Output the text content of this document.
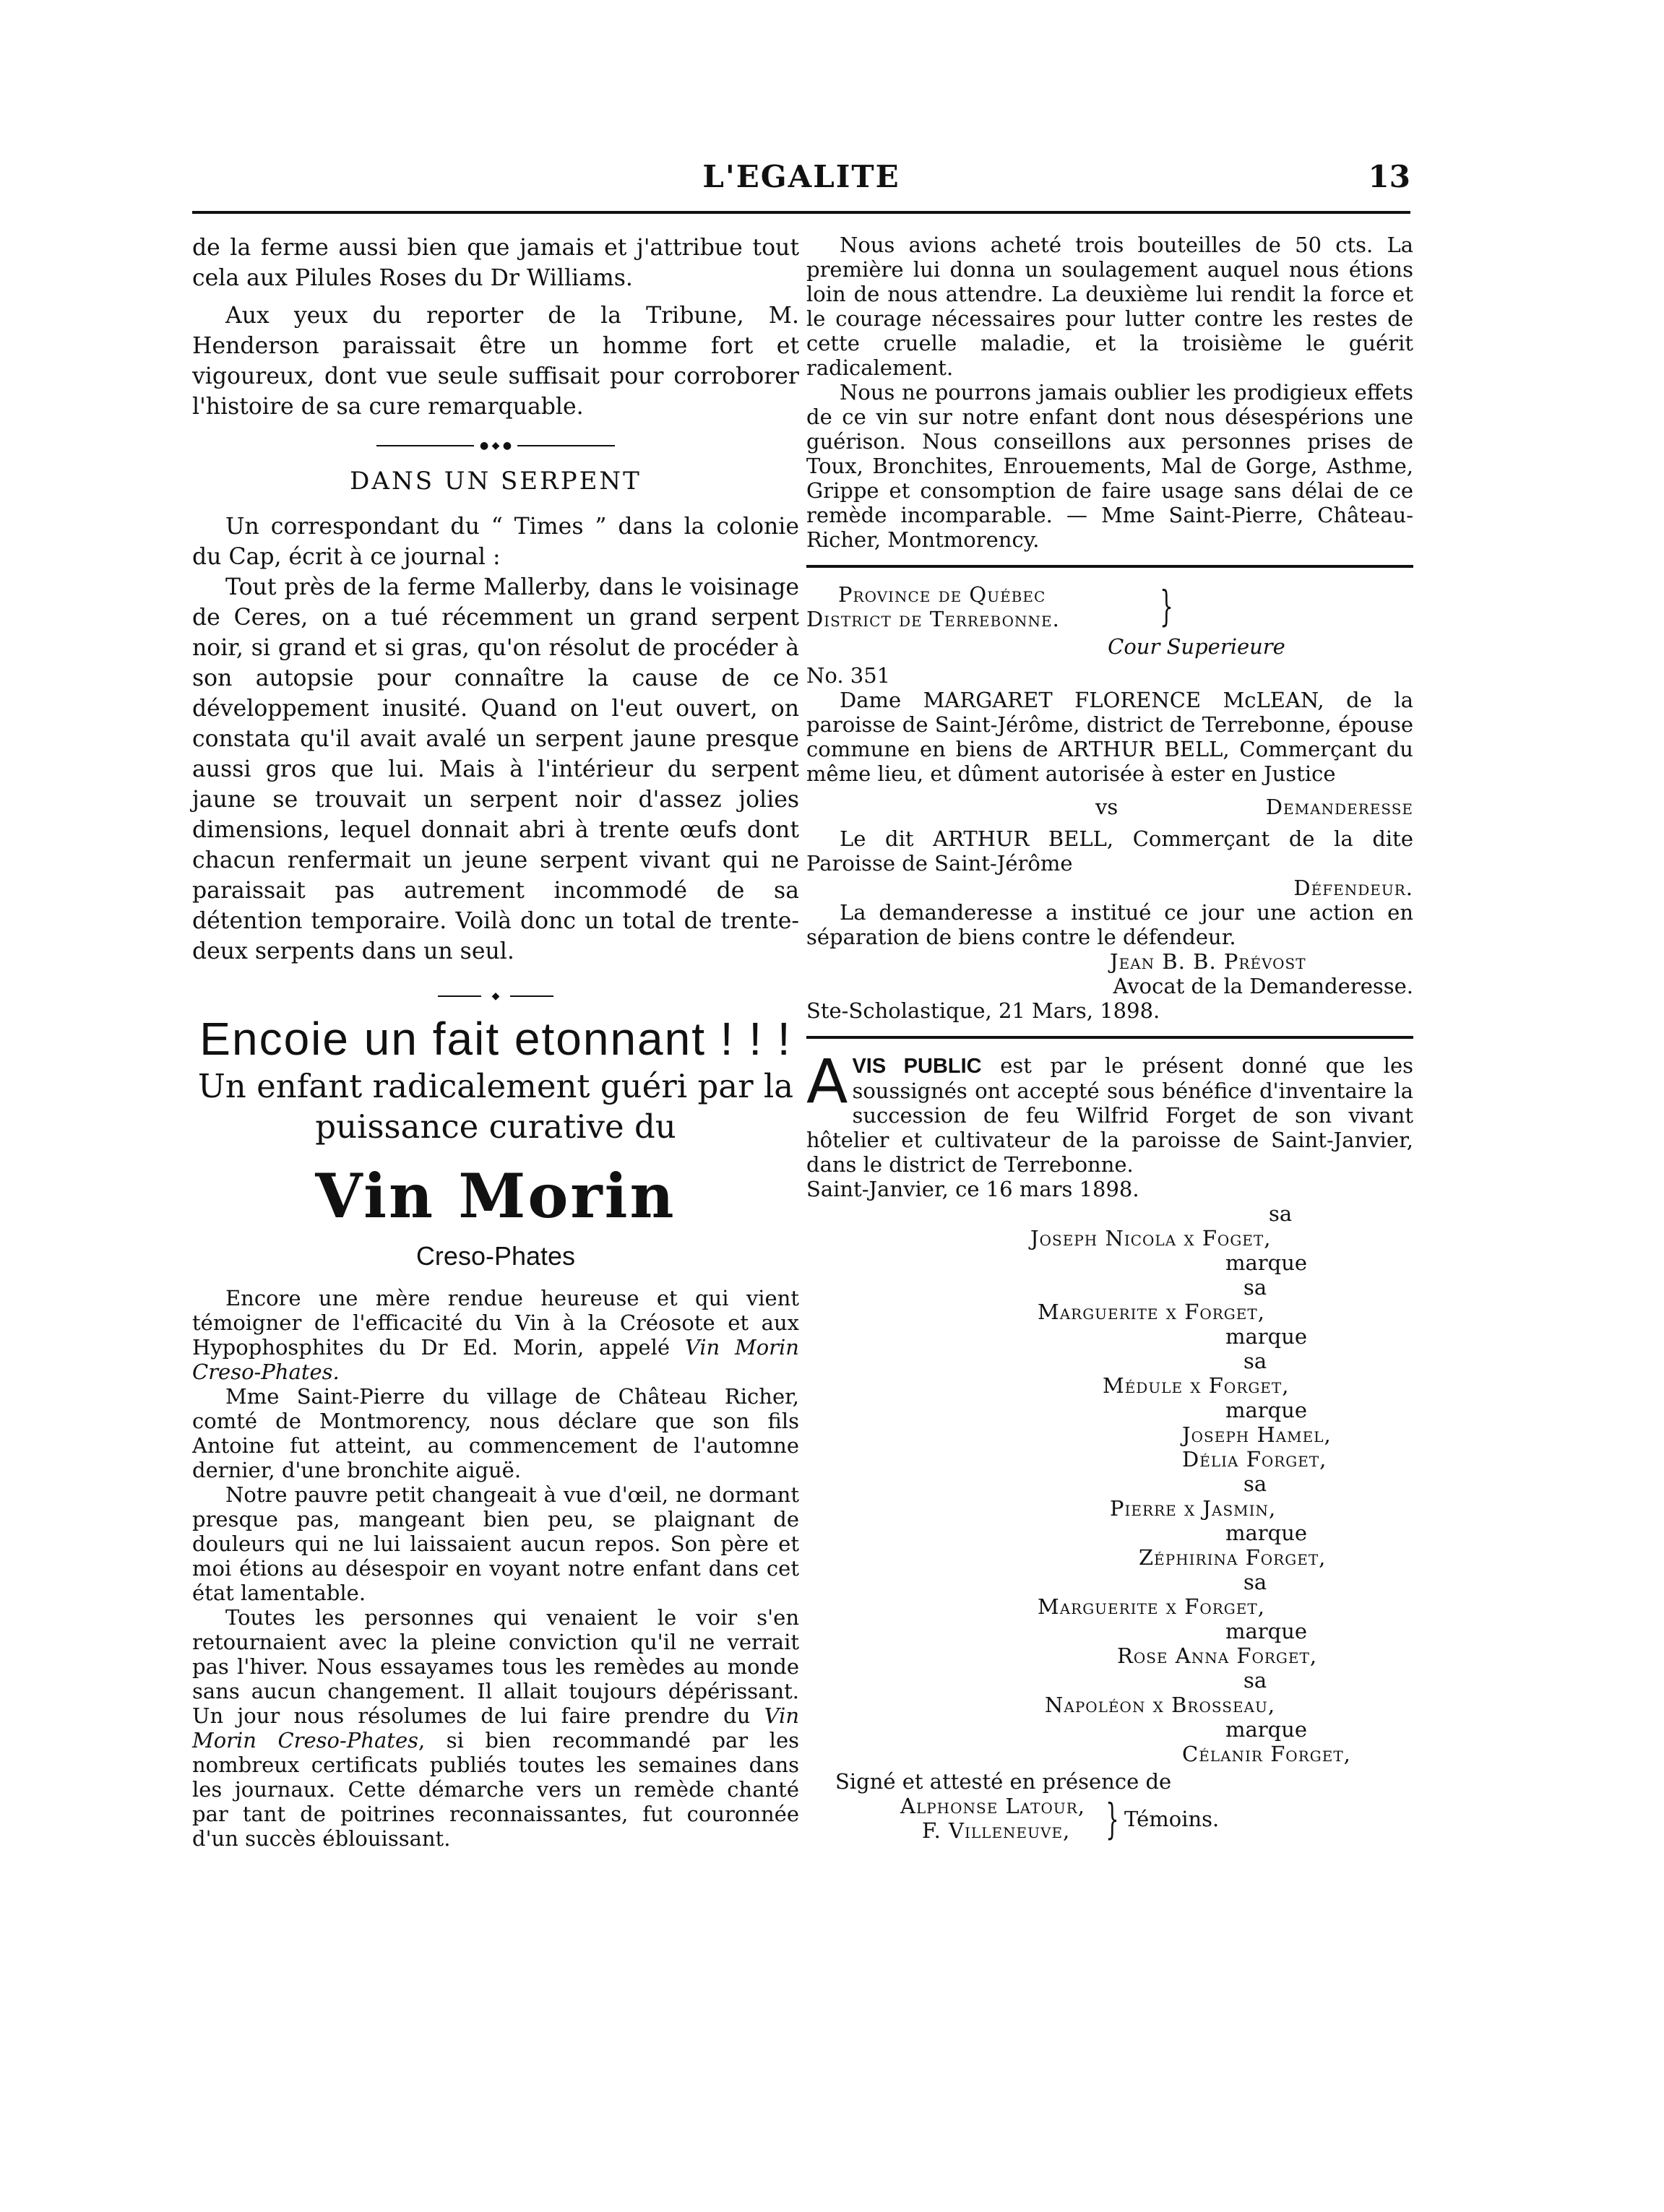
L'EGALITE	13

de la ferme aussi bien que jamais et j'attribue tout cela aux Pilules Roses du Dr Williams.

Aux yeux du reporter de la Tribune, M. Henderson paraissait être un homme fort et vigoureux, dont vue seule suffisait pour corroborer l'histoire de sa cure remarquable.

● ◆ ●
DANS UN SERPENT

Un correspondant du “ Times ” dans la colonie du Cap, écrit à ce journal :

Tout près de la ferme Mallerby, dans le voisinage de Ceres, on a tué récemment un grand serpent noir, si grand et si gras, qu'on résolut de procéder à son autopsie pour connaître la cause de ce développement inusité. Quand on l'eut ouvert, on constata qu'il avait avalé un serpent jaune presque aussi gros que lui. Mais à l'intérieur du serpent jaune se trouvait un serpent noir d'assez jolies dimensions, lequel donnait abri à trente œufs dont chacun renfermait un jeune serpent vivant qui ne paraissait pas autrement incommodé de sa détention temporaire. Voilà donc un total de trente-deux serpents dans un seul.

◆
Encoie un fait etonnant ! ! !
Un enfant radicalement guéri par la puissance curative du
Vin Morin
Creso-Phates

Encore une mère rendue heureuse et qui vient témoigner de l'efficacité du Vin à la Créosote et aux Hypophosphites du Dr Ed. Morin, appelé Vin Morin Creso-Phates.

Mme Saint-Pierre du village de Château Richer, comté de Montmorency, nous déclare que son fils Antoine fut atteint, au commencement de l'automne dernier, d'une bronchite aiguë.

Notre pauvre petit changeait à vue d'œil, ne dormant presque pas, mangeant bien peu, se plaignant de douleurs qui ne lui laissaient aucun repos. Son père et moi étions au désespoir en voyant notre enfant dans cet état lamentable.

Toutes les personnes qui venaient le voir s'en retournaient avec la pleine conviction qu'il ne verrait pas l'hiver. Nous essayames tous les remèdes au monde sans aucun changement. Il allait toujours dépérissant. Un jour nous résolumes de lui faire prendre du Vin Morin Creso-Phates, si bien recommandé par les nombreux certificats publiés toutes les semaines dans les journaux. Cette démarche vers un remède chanté par tant de poitrines reconnaissantes, fut couronnée d'un succès éblouissant.

Nous avions acheté trois bouteilles de 50 cts. La première lui donna un soulagement auquel nous étions loin de nous attendre. La deuxième lui rendit la force et le courage nécessaires pour lutter contre les restes de cette cruelle maladie, et la troisième le guérit radicalement.

Nous ne pourrons jamais oublier les prodigieux effets de ce vin sur notre enfant dont nous désespérions une guérison. Nous conseillons aux personnes prises de Toux, Bronchites, Enrouements, Mal de Gorge, Asthme, Grippe et consomption de faire usage sans délai de ce remède incomparable. — Mme Saint-Pierre, Château-Richer, Montmorency.

Province de Québec
District de Terrebonne.	}
Cour Superieure
No. 351

Dame MARGARET FLORENCE McLEAN, de la paroisse de Saint-Jérôme, district de Terrebonne, épouse commune en biens de ARTHUR BELL, Commerçant du même lieu, et dûment autorisée à ester en Justice

vs	Demanderesse

Le dit ARTHUR BELL, Commerçant de la dite Paroisse de Saint-Jérôme

Défendeur.

La demanderesse a institué ce jour une action en séparation de biens contre le défendeur.

Jean B. B. Prévost
Avocat de la Demanderesse.
Ste-Scholastique, 21 Mars, 1898.

AVIS PUBLIC est par le présent donné que les soussignés ont accepté sous bénéfice d'inventaire la succession de feu Wilfrid Forget de son vivant hôtelier et cultivateur de la paroisse de Saint-Janvier, dans le district de Terrebonne.

Saint-Janvier, ce 16 mars 1898.
sa
Joseph Nicola x Foget,
marque
sa
Marguerite x Forget,
marque
sa
Médule x Forget,
marque
Joseph Hamel,
Délia Forget,
sa
Pierre x Jasmin,
marque
Zéphirina Forget,
sa
Marguerite x Forget,
marque
Rose Anna Forget,
sa
Napoléon x Brosseau,
marque
Célanir Forget,
Signé et attesté en présence de
Alphonse Latour,
F. Villeneuve, } Témoins.
